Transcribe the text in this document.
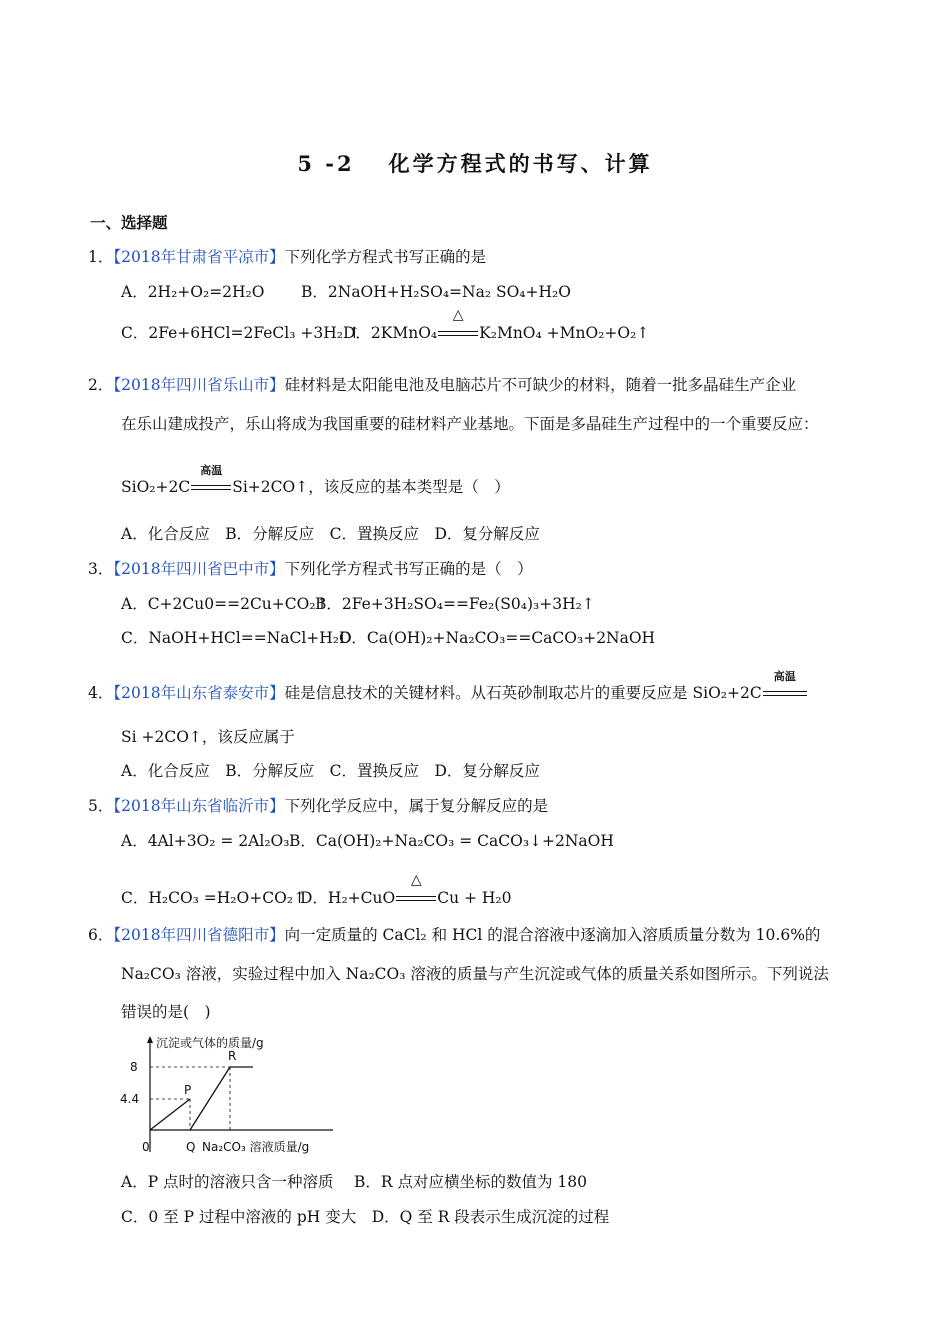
5 -2 化学方程式的书写、计算
一、选择题
1．【2018年甘肃省平凉市】下列化学方程式书写正确的是
A．2H₂+O₂=2H₂O B．2NaOH+H₂SO₄=Na₂ SO₄+H₂O
C．2Fe+6HCl=2FeCl₃ +3H₂ ↑
D．2KMnO₄
△
K₂MnO₄ +MnO₂+O₂↑
2．【2018年四川省乐山市】硅材料是太阳能电池及电脑芯片不可缺少的材料，随着一批多晶硅生产企业
在乐山建成投产，乐山将成为我国重要的硅材料产业基地。下面是多晶硅生产过程中的一个重要反应：
SiO₂+2C
高温
Si+2CO↑，该反应的基本类型是（　）
A．化合反应　B．分解反应　C．置换反应　D．复分解反应
3．【2018年四川省巴中市】下列化学方程式书写正确的是（　）
A．C+2Cu0==2Cu+CO₂↑
B．2Fe+3H₂SO₄==Fe₂(S0₄)₃+3H₂↑
C．NaOH+HCl==NaCl+H₂O
D．Ca(OH)₂+Na₂CO₃==CaCO₃+2NaOH
4．【2018年山东省泰安市】硅是信息技术的关键材料。从石英砂制取芯片的重要反应是 SiO₂+2C
高温
Si +2CO↑，该反应属于
A．化合反应　B．分解反应　C．置换反应　D．复分解反应
5．【2018年山东省临沂市】下列化学反应中，属于复分解反应的是
A．4Al+3O₂ = 2Al₂O₃ B．Ca(OH)₂+Na₂CO₃ = CaCO₃↓+2NaOH
C．H₂CO₃ =H₂O+CO₂↑
D．H₂+CuO
△
Cu + H₂0
6．【2018年四川省德阳市】向一定质量的 CaCl₂ 和 HCl 的混合溶液中逐滴加入溶质质量分数为 10.6%的
Na₂CO₃ 溶液，实验过程中加入 Na₂CO₃ 溶液的质量与产生沉淀或气体的质量关系如图所示。下列说法
错误的是(　)
沉淀或气体的质量/g
8
4.4
0
P
Q
R
Na₂CO₃ 溶液质量/g
A．P 点时的溶液只含一种溶质　 B．R 点对应横坐标的数值为 180
C．0 至 P 过程中溶液的 pH 变大　D．Q 至 R 段表示生成沉淀的过程
